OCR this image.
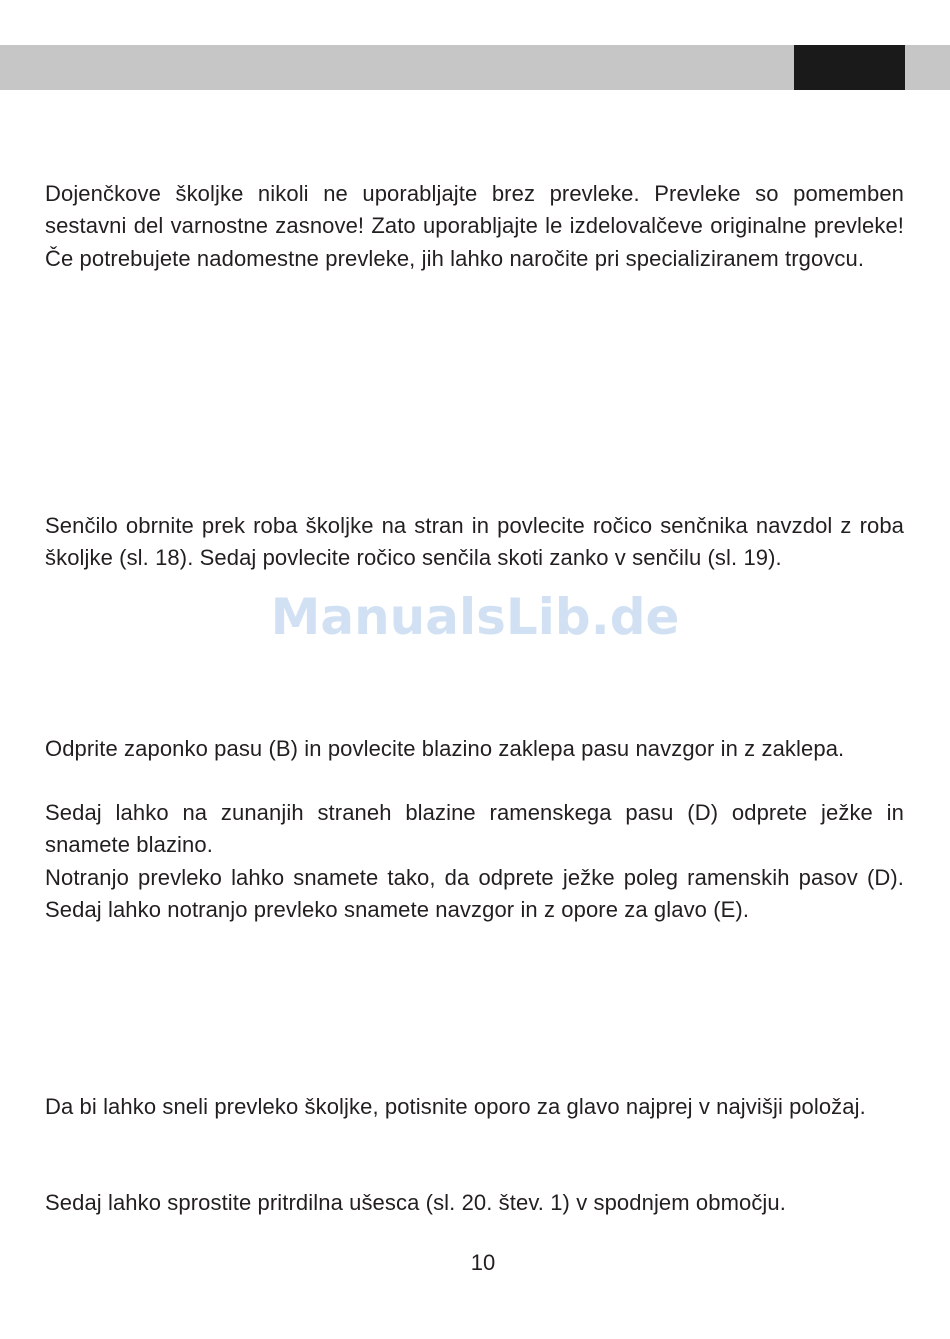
Dojenčkove školjke nikoli ne uporabljajte brez prevleke. Prevleke so pomemben sestavni del varnostne zasnove! Zato uporabljajte le izdelovalčeve originalne prevleke! Če potrebujete nadomestne prevleke, jih lahko naročite pri specializiranem trgovcu.

Senčilo obrnite prek roba školjke na stran in povlecite ročico senčnika navzdol z roba školjke (sl. 18). Sedaj povlecite ročico senčila skoti zanko v senčilu (sl. 19).

Odprite zaponko pasu (B) in povlecite blazino zaklepa pasu navzgor in z zaklepa.

Sedaj lahko na zunanjih straneh blazine ramenskega pasu (D) odprete ježke in snamete blazino.

Notranjo prevleko lahko snamete tako, da odprete ježke poleg ramenskih pasov (D). Sedaj lahko notranjo prevleko snamete navzgor in z opore za glavo (E).

Da bi lahko sneli prevleko školjke, potisnite oporo za glavo najprej v najvišji položaj.

Sedaj lahko sprostite pritrdilna ušesca (sl. 20. štev. 1) v spodnjem območju.

ManualsLib.de
10
